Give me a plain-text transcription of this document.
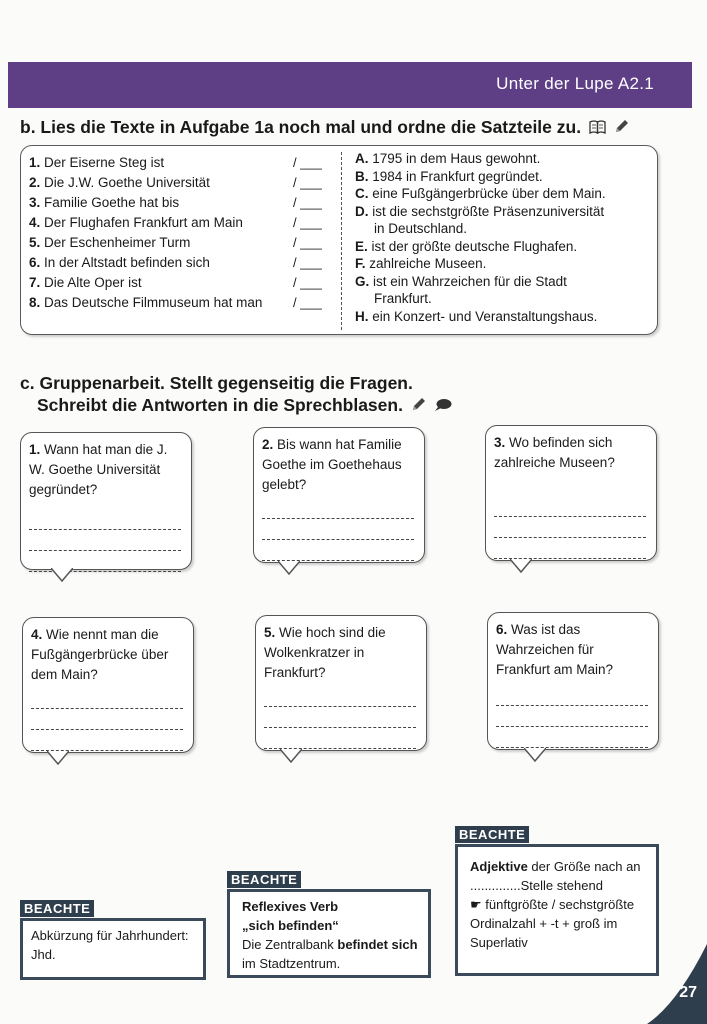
Unter der Lupe A2.1
b. Lies die Texte in Aufgabe 1a noch mal und ordne die Satzteile zu.
1. Der Eiserne Steg ist	/ ___
2. Die J.W. Goethe Universität	/ ___
3. Familie Goethe hat bis	/ ___
4. Der Flughafen Frankfurt am Main	/ ___
5. Der Eschenheimer Turm	/ ___
6. In der Altstadt befinden sich	/ ___
7. Die Alte Oper ist	/ ___
8. Das Deutsche Filmmuseum hat man / ___
A. 1795 in dem Haus gewohnt.
B. 1984 in Frankfurt gegründet.
C. eine Fußgängerbrücke über dem Main.
D. ist die sechstgrößte Präsenzuniversität
in Deutschland.
E. ist der größte deutsche Flughafen.
F. zahlreiche Museen.
G. ist ein Wahrzeichen für die Stadt
Frankfurt.
H. ein Konzert- und Veranstaltungshaus.
c. Gruppenarbeit. Stellt gegenseitig die Fragen.
Schreibt die Antworten in die Sprechblasen.
1. Wann hat man die J. W. Goethe Universität gegründet?
2. Bis wann hat Familie Goethe im Goethehaus gelebt?
3. Wo befinden sich zahlreiche Museen?
4. Wie nennt man die Fußgängerbrücke über dem Main?
5. Wie hoch sind die Wolkenkratzer in Frankfurt?
6. Was ist das Wahrzeichen für Frankfurt am Main?
BEACHTE
Abkürzung für Jahrhundert: Jhd.
BEACHTE
Reflexives Verb
„sich befinden“
Die Zentralbank befindet sich
im Stadtzentrum.
BEACHTE
Adjektive der Größe nach an
..............Stelle stehend
☛ fünftgrößte / sechstgrößte
Ordinalzahl + -t + groß im
Superlativ
27
